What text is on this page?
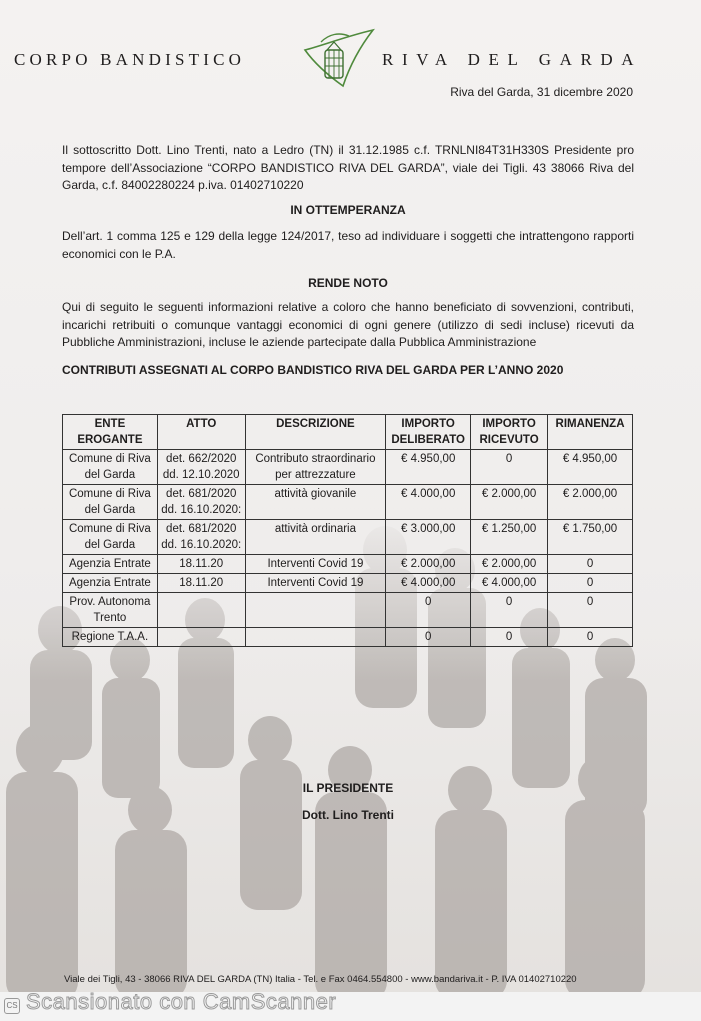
CORPO BANDISTICO	RIVA DEL GARDA
Riva del Garda, 31 dicembre 2020
Il sottoscritto Dott. Lino Trenti, nato a Ledro (TN) il 31.12.1985 c.f. TRNLNI84T31H330S Presidente pro tempore dell’Associazione “CORPO BANDISTICO RIVA DEL GARDA”, viale dei Tigli. 43 38066 Riva del Garda, c.f. 84002280224 p.iva. 01402710220
IN OTTEMPERANZA
Dell’art. 1 comma 125 e 129 della legge 124/2017, teso ad individuare i soggetti che intrattengono rapporti economici con le P.A.
RENDE NOTO
Qui di seguito le seguenti informazioni relative a coloro che hanno beneficiato di sovvenzioni, contributi, incarichi retribuiti o comunque vantaggi economici di ogni genere (utilizzo di sedi incluse) ricevuti da Pubbliche Amministrazioni, incluse le aziende partecipate dalla Pubblica Amministrazione
CONTRIBUTI ASSEGNATI AL CORPO BANDISTICO RIVA DEL GARDA PER L’ANNO 2020
ENTE EROGANTE	ATTO	DESCRIZIONE	IMPORTO DELIBERATO	IMPORTO RICEVUTO	RIMANENZA
Comune di Riva del Garda	det. 662/2020 dd. 12.10.2020	Contributo straordinario per attrezzature	€ 4.950,00	0	€ 4.950,00
Comune di Riva del Garda	det. 681/2020 dd. 16.10.2020:	attività giovanile	€ 4.000,00	€ 2.000,00	€ 2.000,00
Comune di Riva del Garda	det. 681/2020 dd. 16.10.2020:	attività ordinaria	€ 3.000,00	€ 1.250,00	€ 1.750,00
Agenzia Entrate	18.11.20	Interventi Covid 19	€ 2.000,00	€ 2.000,00	0
Agenzia Entrate	18.11.20	Interventi Covid 19	€ 4.000,00	€ 4.000,00	0
Prov. Autonoma Trento			0	0	0
Regione T.A.A.			0	0	0
IL PRESIDENTE
Dott. Lino Trenti
Viale dei Tigli, 43 - 38066 RIVA DEL GARDA (TN) Italia - Tel. e Fax 0464.554800 - www.bandariva.it - P. IVA 01402710220
CS Scansionato con CamScanner
